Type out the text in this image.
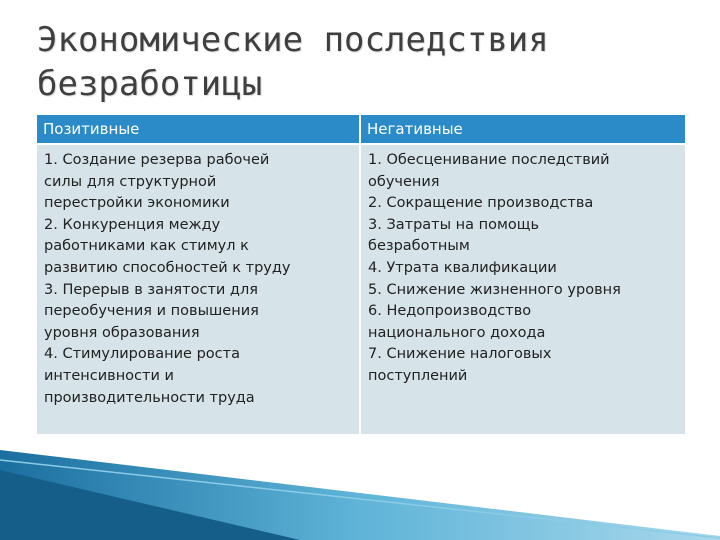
Экономические последствия
безработицы
Позитивные	Негативные
1. Создание резерва рабочей
силы для структурной
перестройки экономики
2. Конкуренция между
работниками как стимул к
развитию способностей к труду
3. Перерыв в занятости для
переобучения и повышения
уровня образования
4. Стимулирование роста
интенсивности и
производительности труда
1. Обесценивание последствий
обучения
2. Сокращение производства
3. Затраты на помощь
безработным
4. Утрата квалификации
5. Снижение жизненного уровня
6. Недопроизводство
национального дохода
7. Снижение налоговых
поступлений
